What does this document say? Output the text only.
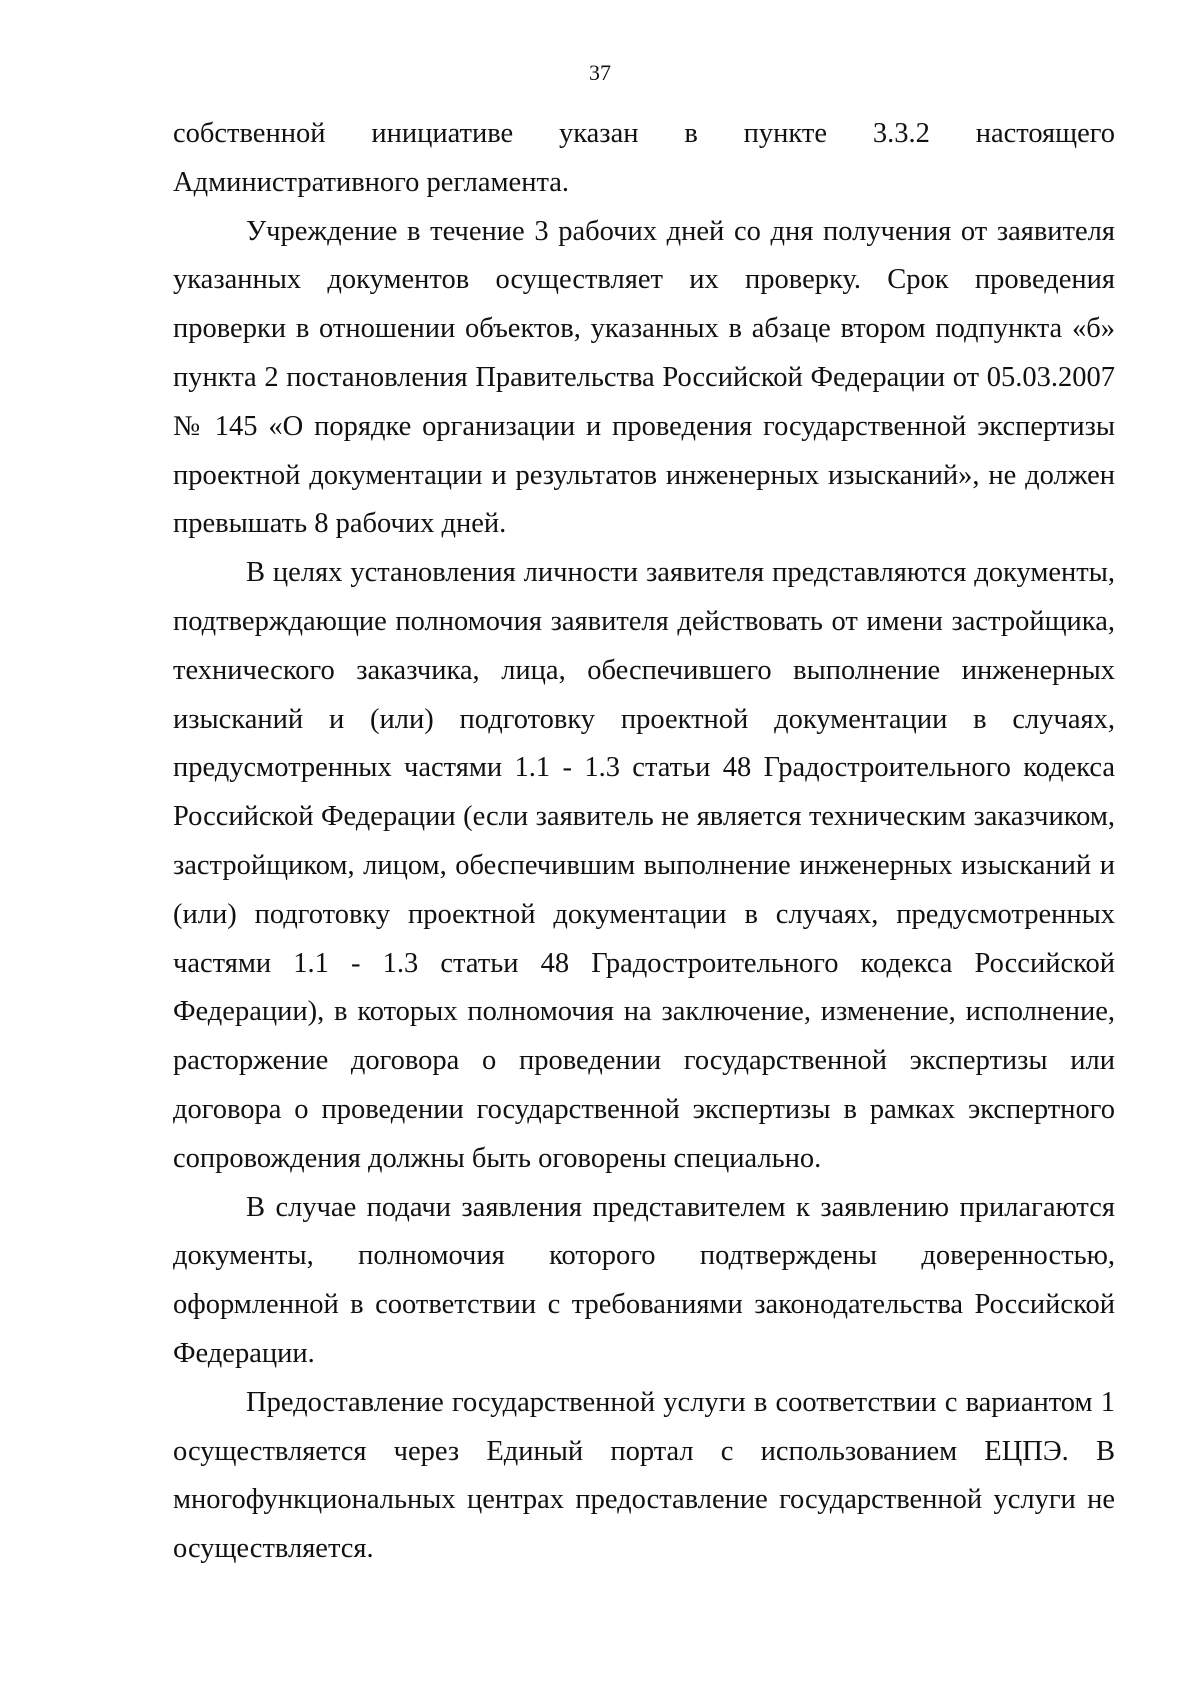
37

собственной инициативе указан в пункте 3.3.2 настоящего Административного регламента.

Учреждение в течение 3 рабочих дней со дня получения от заявителя указанных документов осуществляет их проверку. Срок проведения проверки в отношении объектов, указанных в абзаце втором подпункта «б» пункта 2 постановления Правительства Российской Федерации от 05.03.2007 № 145 «О порядке организации и проведения государственной экспертизы проектной документации и результатов инженерных изысканий», не должен превышать 8 рабочих дней.

В целях установления личности заявителя представляются документы, подтверждающие полномочия заявителя действовать от имени застройщика, технического заказчика, лица, обеспечившего выполнение инженерных изысканий и (или) подготовку проектной документации в случаях, предусмотренных частями 1.1 - 1.3 статьи 48 Градостроительного кодекса Российской Федерации (если заявитель не является техническим заказчиком, застройщиком, лицом, обеспечившим выполнение инженерных изысканий и (или) подготовку проектной документации в случаях, предусмотренных частями 1.1 - 1.3 статьи 48 Градостроительного кодекса Российской Федерации), в которых полномочия на заключение, изменение, исполнение, расторжение договора о проведении государственной экспертизы или договора о проведении государственной экспертизы в рамках экспертного сопровождения должны быть оговорены специально.

В случае подачи заявления представителем к заявлению прилагаются документы, полномочия которого подтверждены доверенностью, оформленной в соответствии с требованиями законодательства Российской Федерации.

Предоставление государственной услуги в соответствии с вариантом 1 осуществляется через Единый портал с использованием ЕЦПЭ. В многофункциональных центрах предоставление государственной услуги не осуществляется.
